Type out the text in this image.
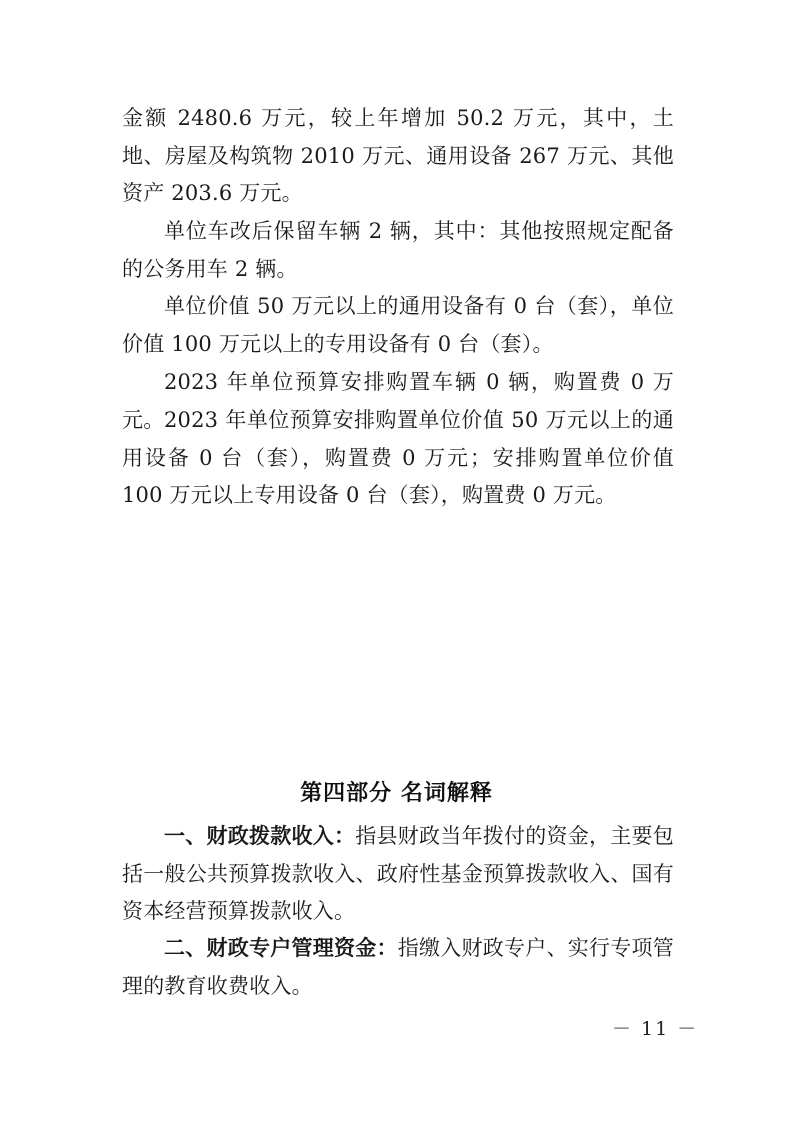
金额 2480.6 万元，较上年增加 50.2 万元，其中，土地、房屋及构筑物 2010 万元、通用设备 267 万元、其他资产 203.6 万元。

单位车改后保留车辆 2 辆，其中：其他按照规定配备的公务用车 2 辆。

单位价值 50 万元以上的通用设备有 0 台（套），单位价值 100 万元以上的专用设备有 0 台（套）。

2023 年单位预算安排购置车辆 0 辆，购置费 0 万元。 2023 年单位预算安排购置单位价值 50 万元以上的通用设备 0 台（套），购置费 0 万元；安排购置单位价值 100 万元以上专用设备 0 台（套），购置费 0 万元。

第四部分 名词解释

一、财政拨款收入：指县财政当年拨付的资金，主要包括一般公共预算拨款收入、政府性基金预算拨款收入、国有资本经营预算拨款收入。

二、财政专户管理资金：指缴入财政专户、实行专项管理的教育收费收入。

－ 11 －
